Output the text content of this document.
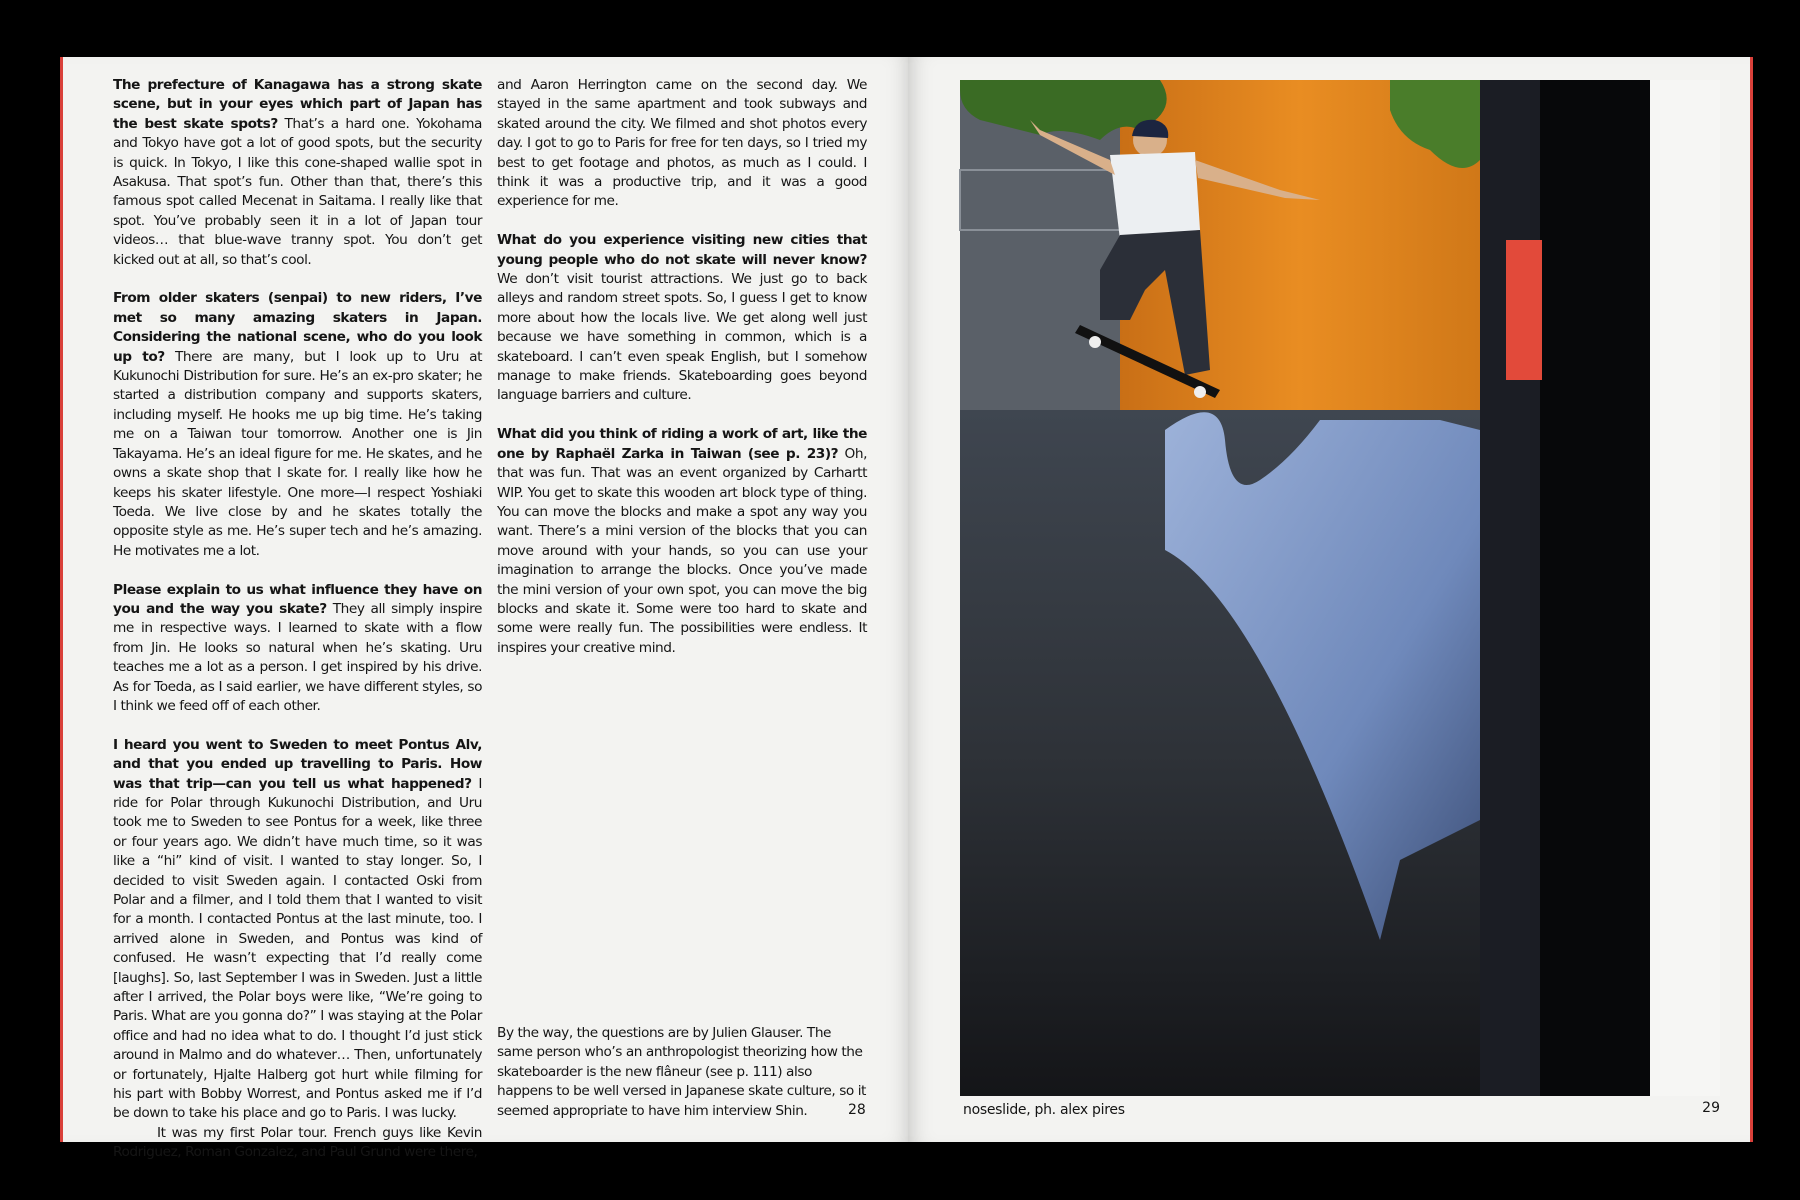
The prefecture of Kanagawa has a strong skate scene, but in your eyes which part of Japan has the best skate spots? That’s a hard one. Yokohama and Tokyo have got a lot of good spots, but the security is quick. In Tokyo, I like this cone-shaped wallie spot in Asakusa. That spot’s fun. Other than that, there’s this famous spot called Mecenat in Saitama. I really like that spot. You’ve probably seen it in a lot of Japan tour videos… that blue-wave tranny spot. You don’t get kicked out at all, so that’s cool.

From older skaters (senpai) to new riders, I’ve met so many amazing skaters in Japan. Considering the national scene, who do you look up to? There are many, but I look up to Uru at Kukunochi Distribution for sure. He’s an ex-pro skater; he started a distribution company and supports skaters, including myself. He hooks me up big time. He’s taking me on a Taiwan tour tomorrow. Another one is Jin Takayama. He’s an ideal figure for me. He skates, and he owns a skate shop that I skate for. I really like how he keeps his skater lifestyle. One more—I respect Yoshiaki Toeda. We live close by and he skates totally the opposite style as me. He’s super tech and he’s amazing. He motivates me a lot.

Please explain to us what influence they have on you and the way you skate? They all simply inspire me in respective ways. I learned to skate with a flow from Jin. He looks so natural when he’s skating. Uru teaches me a lot as a person. I get inspired by his drive. As for Toeda, as I said earlier, we have different styles, so I think we feed off of each other.

I heard you went to Sweden to meet Pontus Alv, and that you ended up travelling to Paris. How was that trip—can you tell us what happened? I ride for Polar through Kukunochi Distribution, and Uru took me to Sweden to see Pontus for a week, like three or four years ago. We didn’t have much time, so it was like a “hi” kind of visit. I wanted to stay longer. So, I decided to visit Sweden again. I contacted Oski from Polar and a filmer, and I told them that I wanted to visit for a month. I contacted Pontus at the last minute, too. I arrived alone in Sweden, and Pontus was kind of confused. He wasn’t expecting that I’d really come [laughs]. So, last September I was in Sweden. Just a little after I arrived, the Polar boys were like, “We’re going to Paris. What are you gonna do?” I was staying at the Polar office and had no idea what to do. I thought I’d just stick around in Malmo and do whatever… Then, unfortunately or fortunately, Hjalte Halberg got hurt while filming for his part with Bobby Worrest, and Pontus asked me if I’d be down to take his place and go to Paris. I was lucky.

It was my first Polar tour. French guys like Kevin Rodriguez, Roman Gonzalez, and Paul Grund were there,

and Aaron Herrington came on the second day. We stayed in the same apartment and took subways and skated around the city. We filmed and shot photos every day. I got to go to Paris for free for ten days, so I tried my best to get footage and photos, as much as I could. I think it was a productive trip, and it was a good experience for me.

What do you experience visiting new cities that young people who do not skate will never know? We don’t visit tourist attractions. We just go to back alleys and random street spots. So, I guess I get to know more about how the locals live. We get along well just because we have something in common, which is a skateboard. I can’t even speak English, but I somehow manage to make friends. Skateboarding goes beyond language barriers and culture.

What did you think of riding a work of art, like the one by Raphaël Zarka in Taiwan (see p. 23)? Oh, that was fun. That was an event organized by Carhartt WIP. You get to skate this wooden art block type of thing. You can move the blocks and make a spot any way you want. There’s a mini version of the blocks that you can move around with your hands, so you can use your imagination to arrange the blocks. Once you’ve made the mini version of your own spot, you can move the big blocks and skate it. Some were too hard to skate and some were really fun. The possibilities were endless. It inspires your creative mind.

By the way, the questions are by Julien Glauser. The same person who’s an anthropologist theorizing how the skateboarder is the new flâneur (see p. 111) also happens to be well versed in Japanese skate culture, so it seemed appropriate to have him interview Shin.	28	noseslide, ph. alex pires	29
